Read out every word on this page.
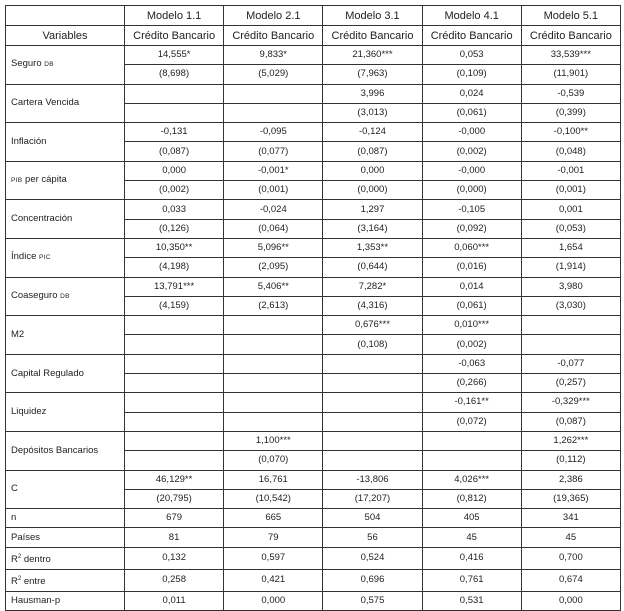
	Modelo 1.1	Modelo 2.1	Modelo 3.1	Modelo 4.1	Modelo 5.1
Variables	Crédito Bancario	Crédito Bancario	Crédito Bancario	Crédito Bancario	Crédito Bancario
Seguro DB	14,555*	9,833*	21,360***	0,053	33,539***
	(8,698)	(5,029)	(7,963)	(0,109)	(11,901)
Cartera Vencida			3,996	0,024	-0,539
			(3,013)	(0,061)	(0,399)
Inflación	-0,131	-0,095	-0,124	-0,000	-0,100**
	(0,087)	(0,077)	(0,087)	(0,002)	(0,048)
PIB per cápita	0,000	-0,001*	0,000	-0,000	-0,001
	(0,002)	(0,001)	(0,000)	(0,000)	(0,001)
Concentración	0,033	-0,024	1,297	-0,105	0,001
	(0,126)	(0,064)	(3,164)	(0,092)	(0,053)
Índice PIC	10,350**	5,096**	1,353**	0,060***	1,654
	(4,198)	(2,095)	(0,644)	(0,016)	(1,914)
Coaseguro DB	13,791***	5,406**	7,282*	0,014	3,980
	(4,159)	(2,613)	(4,316)	(0,061)	(3,030)
M2			0,676***	0,010***	
			(0,108)	(0,002)	
Capital Regulado				-0,063	-0,077
				(0,266)	(0,257)
Liquidez				-0,161**	-0,329***
				(0,072)	(0,087)
Depósitos Bancarios		1,100***			1,262***
		(0,070)			(0,112)
C	46,129**	16,761	-13,806	4,026***	2,386
	(20,795)	(10,542)	(17,207)	(0,812)	(19,365)
n	679	665	504	405	341
Países	81	79	56	45	45
$R^2$ dentro	0,132	0,597	0,524	0,416	0,700
$R^2$ entre	0,258	0,421	0,696	0,761	0,674
Hausman-p	0,011	0,000	0,575	0,531	0,000
